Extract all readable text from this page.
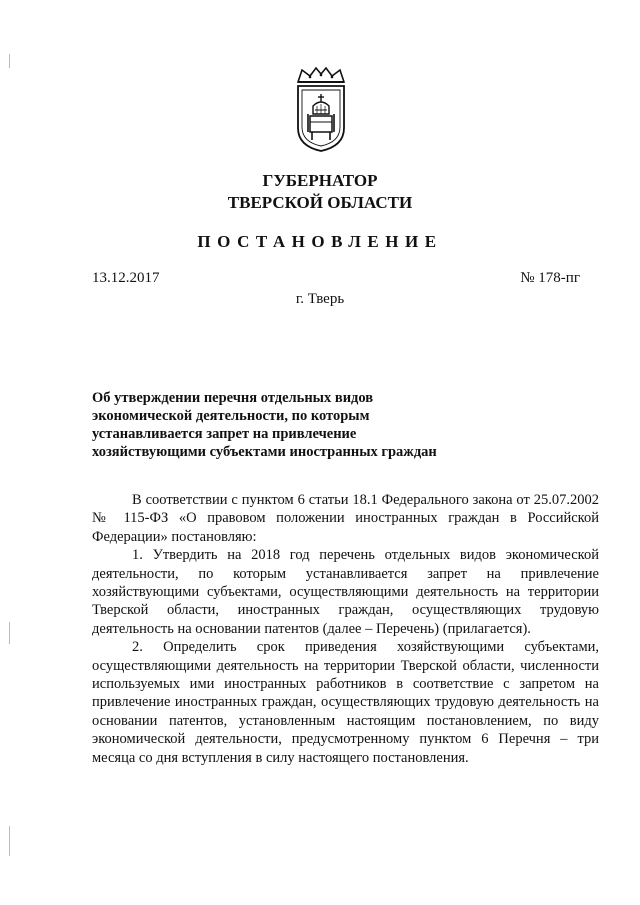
ГУБЕРНАТОР
ТВЕРСКОЙ ОБЛАСТИ
ПОСТАНОВЛЕНИЕ
13.12.2017	№ 178-пг
г. Тверь
Об утверждении перечня отдельных видов
экономической деятельности, по которым
устанавливается запрет на привлечение
хозяйствующими субъектами иностранных граждан

В соответствии с пунктом 6 статьи 18.1 Федерального закона от 25.07.2002 № 115-ФЗ «О правовом положении иностранных граждан в Российской Федерации» постановляю:

1. Утвердить на 2018 год перечень отдельных видов экономической деятельности, по которым устанавливается запрет на привлечение хозяйствующими субъектами, осуществляющими деятельность на территории Тверской области, иностранных граждан, осуществляющих трудовую деятельность на основании патентов (далее – Перечень) (прилагается).

2. Определить срок приведения хозяйствующими субъектами, осуществляющими деятельность на территории Тверской области, численности используемых ими иностранных работников в соответствие с запретом на привлечение иностранных граждан, осуществляющих трудовую деятельность на основании патентов, установленным настоящим постановлением, по виду экономической деятельности, предусмотренному пунктом 6 Перечня – три месяца со дня вступления в силу настоящего постановления.
